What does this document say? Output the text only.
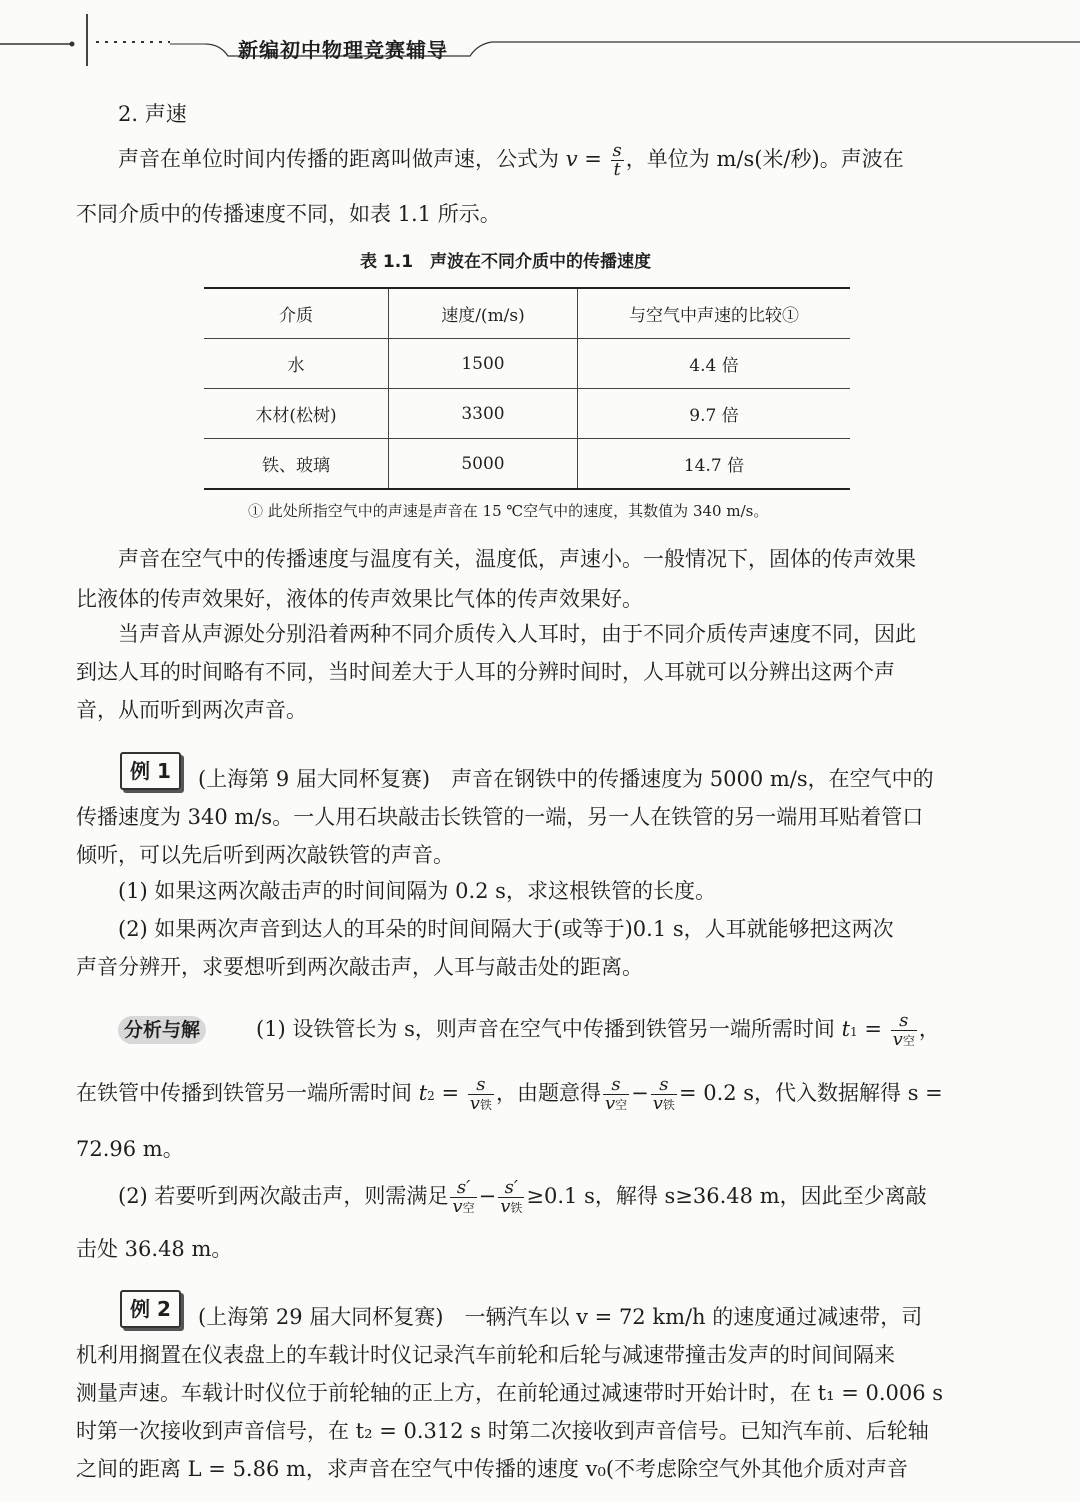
新编初中物理竞赛辅导
2. 声速
声音在单位时间内传播的距离叫做声速，公式为 $v = \frac{s}{t}$ ，单位为 m/s(米/秒)。声波在
不同介质中的传播速度不同，如表 1.1 所示。
表 1.1　声波在不同介质中的传播速度
介质	速度/(m/s)	与空气中声速的比较①
水	1500	4.4 倍
木材(松树)	3300	9.7 倍
铁、玻璃	5000	14.7 倍
① 此处所指空气中的声速是声音在 15 ℃空气中的速度，其数值为 340 m/s。
声音在空气中的传播速度与温度有关，温度低，声速小。一般情况下，固体的传声效果
比液体的传声效果好，液体的传声效果比气体的传声效果好。
当声音从声源处分别沿着两种不同介质传入人耳时，由于不同介质传声速度不同，因此
到达人耳的时间略有不同，当时间差大于人耳的分辨时间时，人耳就可以分辨出这两个声
音，从而听到两次声音。
例 1	(上海第 9 届大同杯复赛)　声音在钢铁中的传播速度为 5000 m/s，在空气中的
传播速度为 340 m/s。一人用石块敲击长铁管的一端，另一人在铁管的另一端用耳贴着管口
倾听，可以先后听到两次敲铁管的声音。
(1) 如果这两次敲击声的时间间隔为 0.2 s，求这根铁管的长度。
(2) 如果两次声音到达人的耳朵的时间间隔大于(或等于)0.1 s，人耳就能够把这两次
声音分辨开，求要想听到两次敲击声，人耳与敲击处的距离。
分析与解	(1) 设铁管长为 s，则声音在空气中传播到铁管另一端所需时间 $t1 = \frac{s}{\text{v空}}$ ，
在铁管中传播到铁管另一端所需时间 $t2 = \frac{s}{\text{v铁}}$ ，由题意得 $\frac{s}{\text{v空}} - \frac{s}{\text{v铁}} = 0.2$ s，代入数据解得 s =
72.96 m。
(2) 若要听到两次敲击声，则需满足 $\frac{s'}{\text{v空}} - \frac{s'}{\text{v铁}} \ge 0.1$ s，解得 s≥36.48 m，因此至少离敲
击处 36.48 m。
例 2	(上海第 29 届大同杯复赛)　一辆汽车以 v = 72 km/h 的速度通过减速带，司
机利用搁置在仪表盘上的车载计时仪记录汽车前轮和后轮与减速带撞击发声的时间间隔来
测量声速。车载计时仪位于前轮轴的正上方，在前轮通过减速带时开始计时，在 t₁ = 0.006 s
时第一次接收到声音信号，在 t₂ = 0.312 s 时第二次接收到声音信号。已知汽车前、后轮轴
之间的距离 L = 5.86 m，求声音在空气中传播的速度 v₀(不考虑除空气外其他介质对声音
